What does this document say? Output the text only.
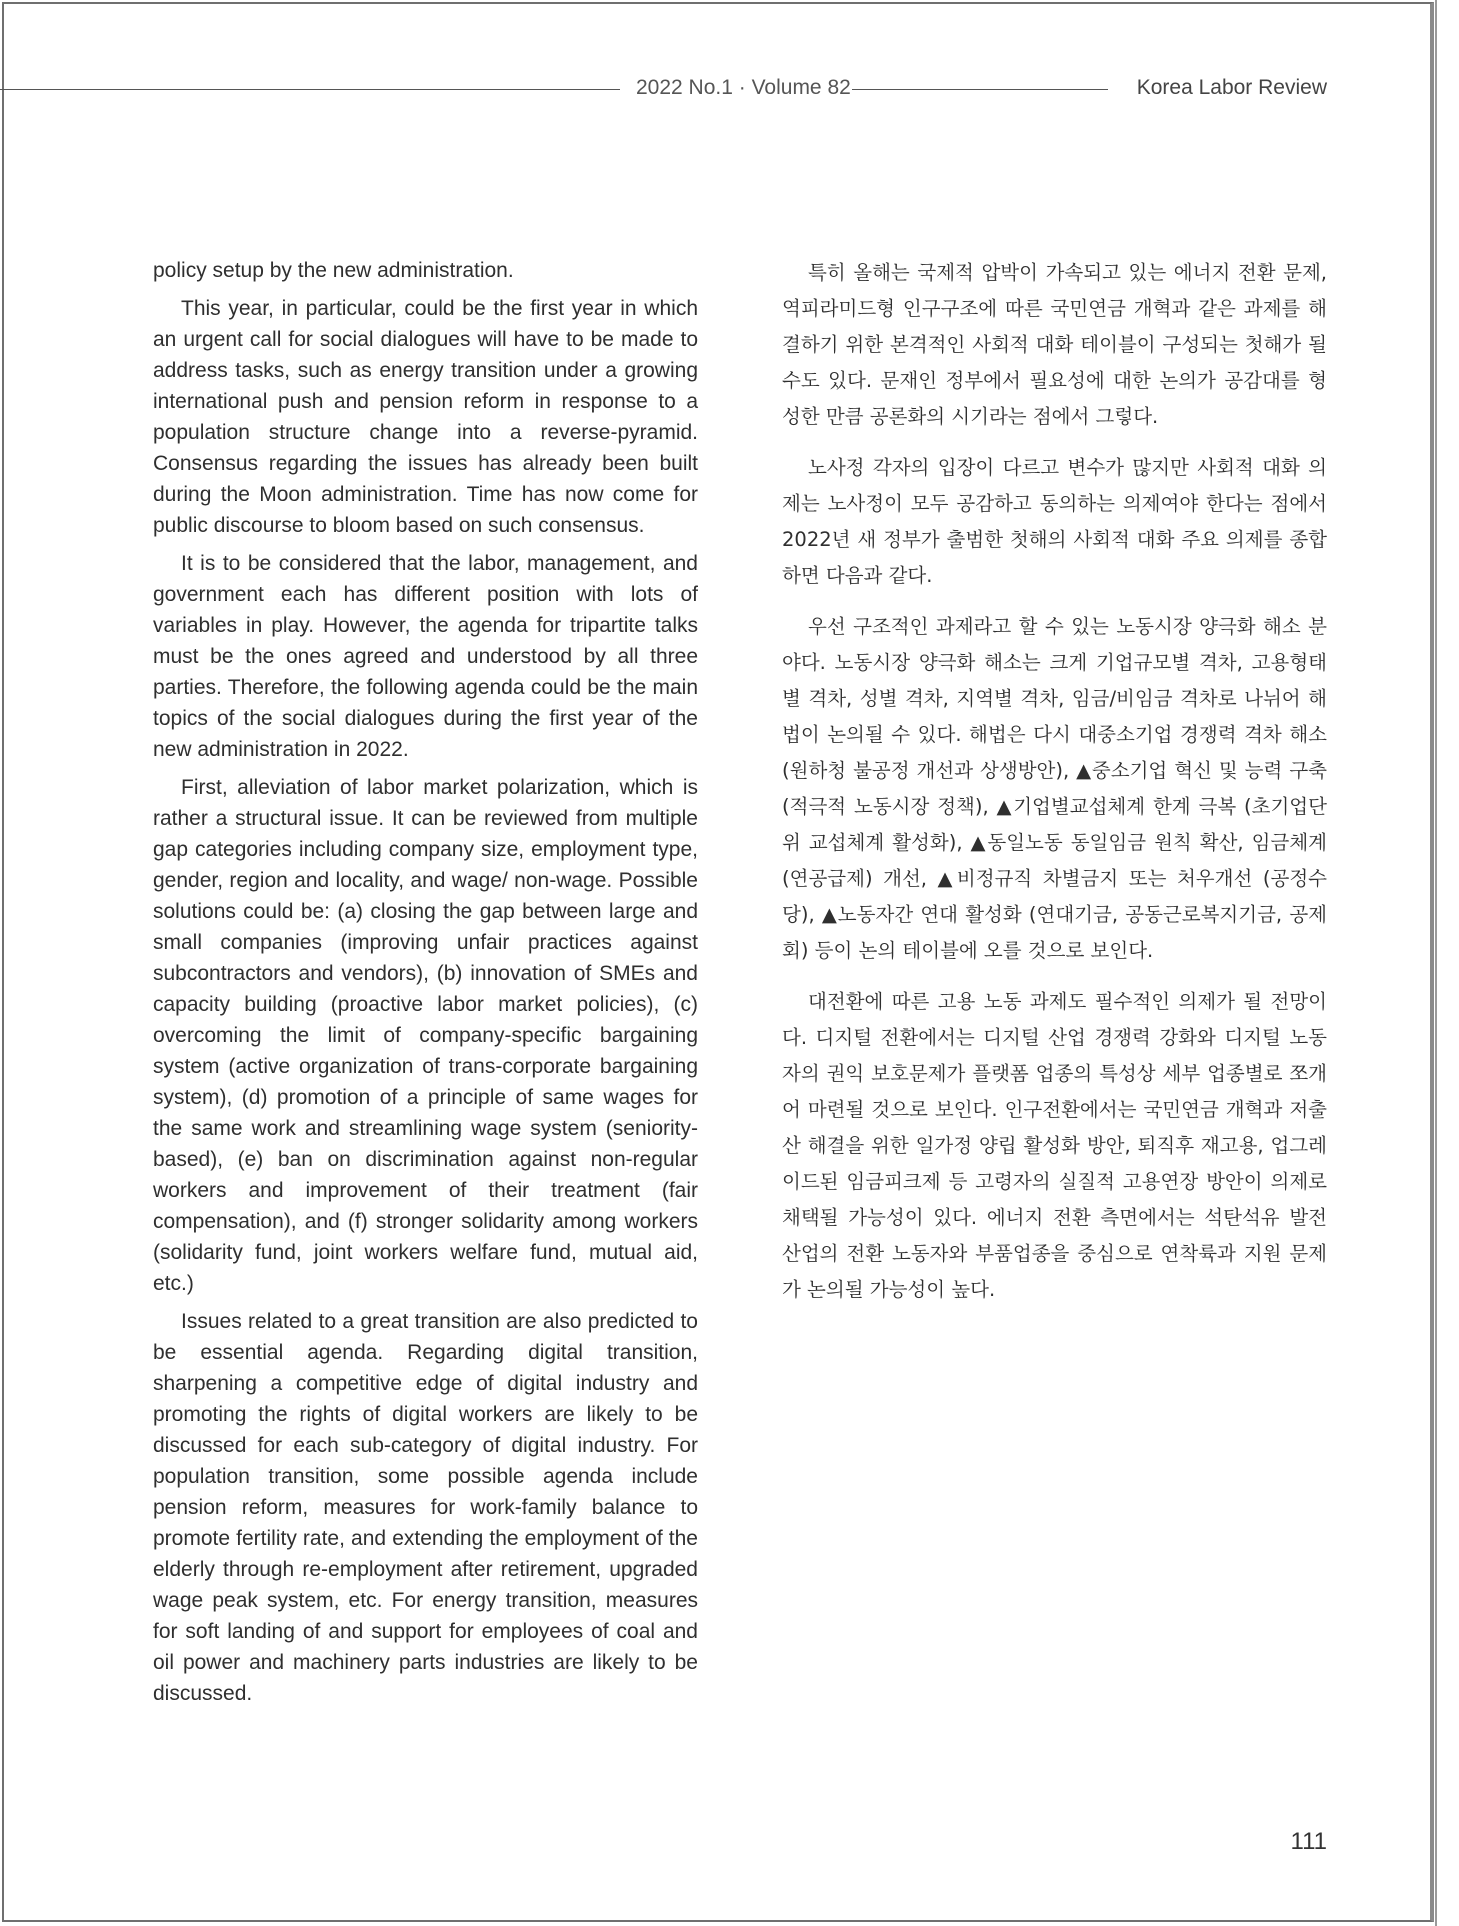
2022 No.1 · Volume 82	Korea Labor Review

policy setup by the new administration.

This year, in particular, could be the first year in which an urgent call for social dialogues will have to be made to address tasks, such as energy transition under a growing international push and pension reform in response to a population structure change into a reverse-pyramid. Consensus regarding the issues has already been built during the Moon administration. Time has now come for public discourse to bloom based on such consensus.

It is to be considered that the labor, management, and government each has different position with lots of variables in play. However, the agenda for tripartite talks must be the ones agreed and understood by all three parties. Therefore, the following agenda could be the main topics of the social dialogues during the first year of the new administration in 2022.

First, alleviation of labor market polarization, which is rather a structural issue. It can be reviewed from multiple gap categories including company size, employment type, gender, region and locality, and wage/ non-wage. Possible solutions could be: (a) closing the gap between large and small companies (improving unfair practices against subcontractors and vendors), (b) innovation of SMEs and capacity building (proactive labor market policies), (c) overcoming the limit of company-specific bargaining system (active organization of trans-corporate bargaining system), (d) promotion of a principle of same wages for the same work and streamlining wage system (seniority-based), (e) ban on discrimination against non-regular workers and improvement of their treatment (fair compensation), and (f) stronger solidarity among workers (solidarity fund, joint workers welfare fund, mutual aid, etc.)

Issues related to a great transition are also predicted to be essential agenda. Regarding digital transition, sharpening a competitive edge of digital industry and promoting the rights of digital workers are likely to be discussed for each sub-category of digital industry. For population transition, some possible agenda include pension reform, measures for work-family balance to promote fertility rate, and extending the employment of the elderly through re-employment after retirement, upgraded wage peak system, etc. For energy transition, measures for soft landing of and support for employees of coal and oil power and machinery parts industries are likely to be discussed.

특히 올해는 국제적 압박이 가속되고 있는 에너지 전환 문제, 역피라미드형 인구구조에 따른 국민연금 개혁과 같은 과제를 해결하기 위한 본격적인 사회적 대화 테이블이 구성되는 첫해가 될 수도 있다. 문재인 정부에서 필요성에 대한 논의가 공감대를 형성한 만큼 공론화의 시기라는 점에서 그렇다.

노사정 각자의 입장이 다르고 변수가 많지만 사회적 대화 의제는 노사정이 모두 공감하고 동의하는 의제여야 한다는 점에서 2022년 새 정부가 출범한 첫해의 사회적 대화 주요 의제를 종합하면 다음과 같다.

우선 구조적인 과제라고 할 수 있는 노동시장 양극화 해소 분야다. 노동시장 양극화 해소는 크게 기업규모별 격차, 고용형태별 격차, 성별 격차, 지역별 격차, 임금/비임금 격차로 나뉘어 해법이 논의될 수 있다. 해법은 다시 대중소기업 경쟁력 격차 해소 (원하청 불공정 개선과 상생방안), ▲중소기업 혁신 및 능력 구축 (적극적 노동시장 정책), ▲기업별교섭체계 한계 극복 (초기업단위 교섭체계 활성화), ▲동일노동 동일임금 원칙 확산, 임금체계(연공급제) 개선, ▲비정규직 차별금지 또는 처우개선 (공정수당), ▲노동자간 연대 활성화 (연대기금, 공동근로복지기금, 공제회) 등이 논의 테이블에 오를 것으로 보인다.

대전환에 따른 고용 노동 과제도 필수적인 의제가 될 전망이다. 디지털 전환에서는 디지털 산업 경쟁력 강화와 디지털 노동자의 권익 보호문제가 플랫폼 업종의 특성상 세부 업종별로 쪼개어 마련될 것으로 보인다. 인구전환에서는 국민연금 개혁과 저출산 해결을 위한 일가정 양립 활성화 방안, 퇴직후 재고용, 업그레이드된 임금피크제 등 고령자의 실질적 고용연장 방안이 의제로 채택될 가능성이 있다. 에너지 전환 측면에서는 석탄석유 발전 산업의 전환 노동자와 부품업종을 중심으로 연착륙과 지원 문제가 논의될 가능성이 높다.

111
